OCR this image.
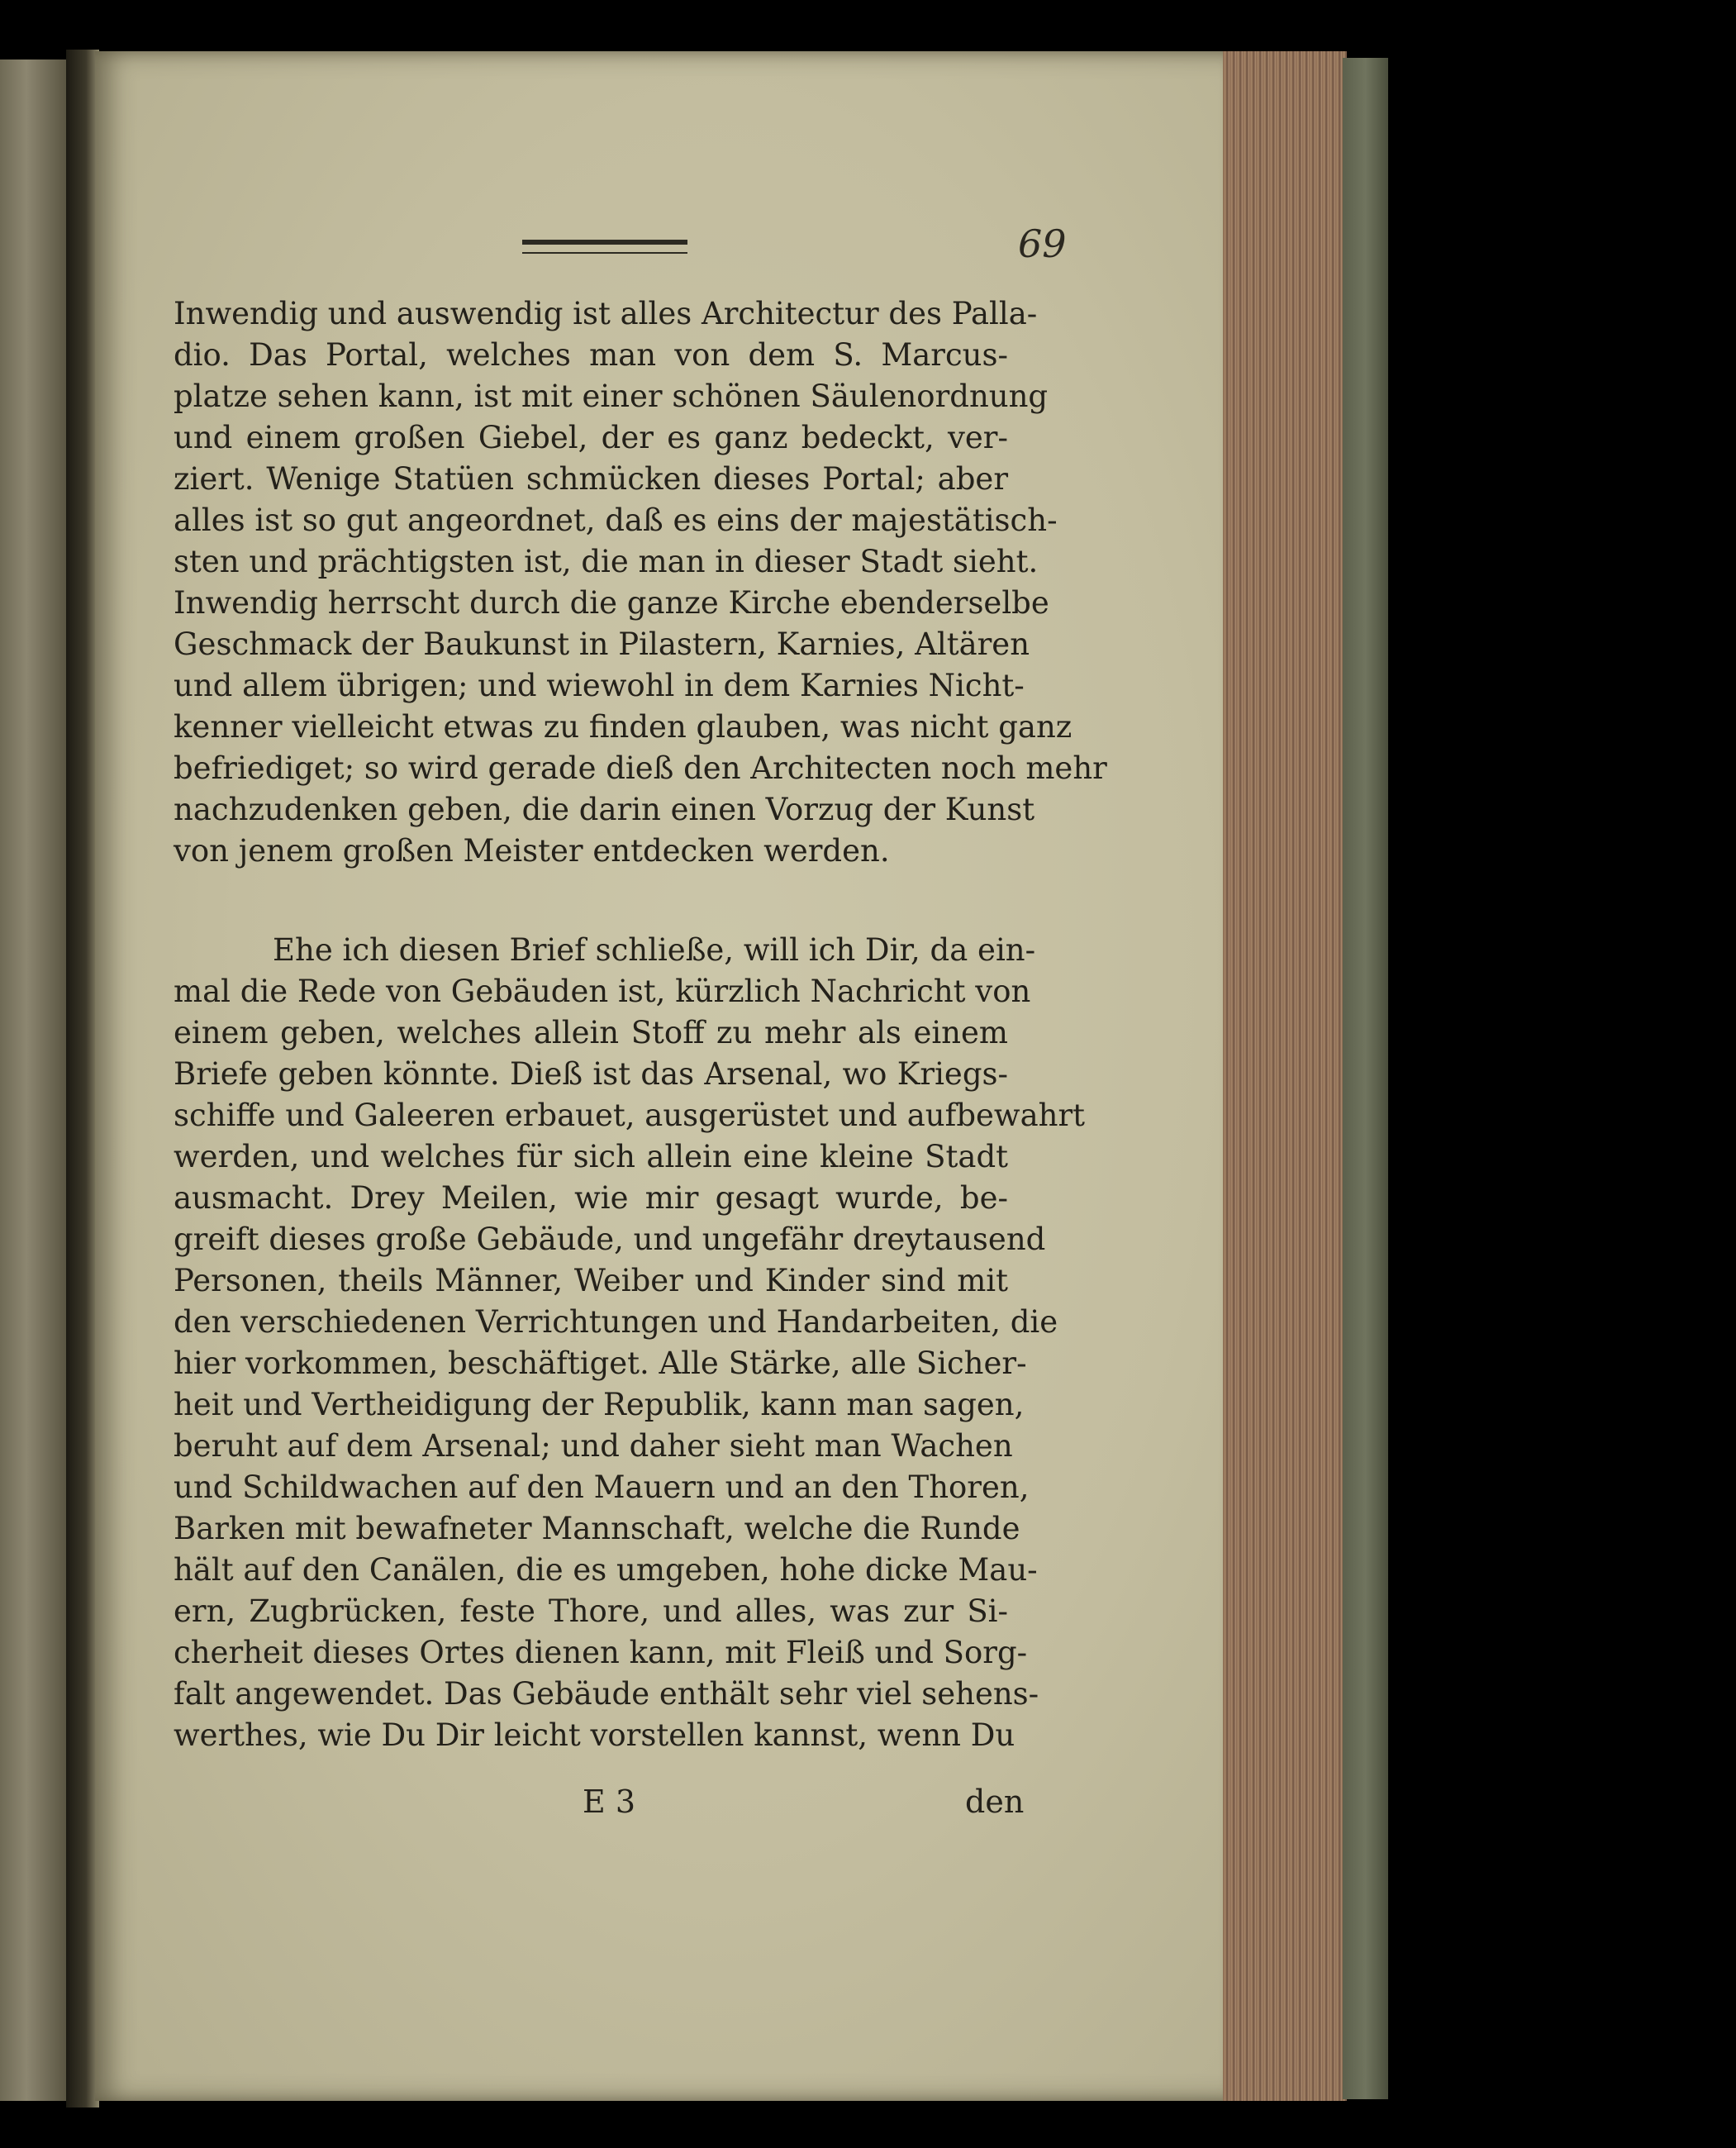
69
Inwendig und auswendig ist alles Architectur des Palla-
dio. Das Portal, welches man von dem S. Marcus-
platze sehen kann, ist mit einer schönen Säulenordnung
und einem großen Giebel, der es ganz bedeckt, ver-
ziert. Wenige Statüen schmücken dieses Portal; aber
alles ist so gut angeordnet, daß es eins der majestätisch-
sten und prächtigsten ist, die man in dieser Stadt sieht.
Inwendig herrscht durch die ganze Kirche ebenderselbe
Geschmack der Baukunst in Pilastern, Karnies, Altären
und allem übrigen; und wiewohl in dem Karnies Nicht-
kenner vielleicht etwas zu finden glauben, was nicht ganz
befriediget; so wird gerade dieß den Architecten noch mehr
nachzudenken geben, die darin einen Vorzug der Kunst
von jenem großen Meister entdecken werden.
Ehe ich diesen Brief schließe, will ich Dir, da ein-
mal die Rede von Gebäuden ist, kürzlich Nachricht von
einem geben, welches allein Stoff zu mehr als einem
Briefe geben könnte. Dieß ist das Arsenal, wo Kriegs-
schiffe und Galeeren erbauet, ausgerüstet und aufbewahrt
werden, und welches für sich allein eine kleine Stadt
ausmacht. Drey Meilen, wie mir gesagt wurde, be-
greift dieses große Gebäude, und ungefähr dreytausend
Personen, theils Männer, Weiber und Kinder sind mit
den verschiedenen Verrichtungen und Handarbeiten, die
hier vorkommen, beschäftiget. Alle Stärke, alle Sicher-
heit und Vertheidigung der Republik, kann man sagen,
beruht auf dem Arsenal; und daher sieht man Wachen
und Schildwachen auf den Mauern und an den Thoren,
Barken mit bewafneter Mannschaft, welche die Runde
hält auf den Canälen, die es umgeben, hohe dicke Mau-
ern, Zugbrücken, feste Thore, und alles, was zur Si-
cherheit dieses Ortes dienen kann, mit Fleiß und Sorg-
falt angewendet. Das Gebäude enthält sehr viel sehens-
werthes, wie Du Dir leicht vorstellen kannst, wenn Du
E 3	den
